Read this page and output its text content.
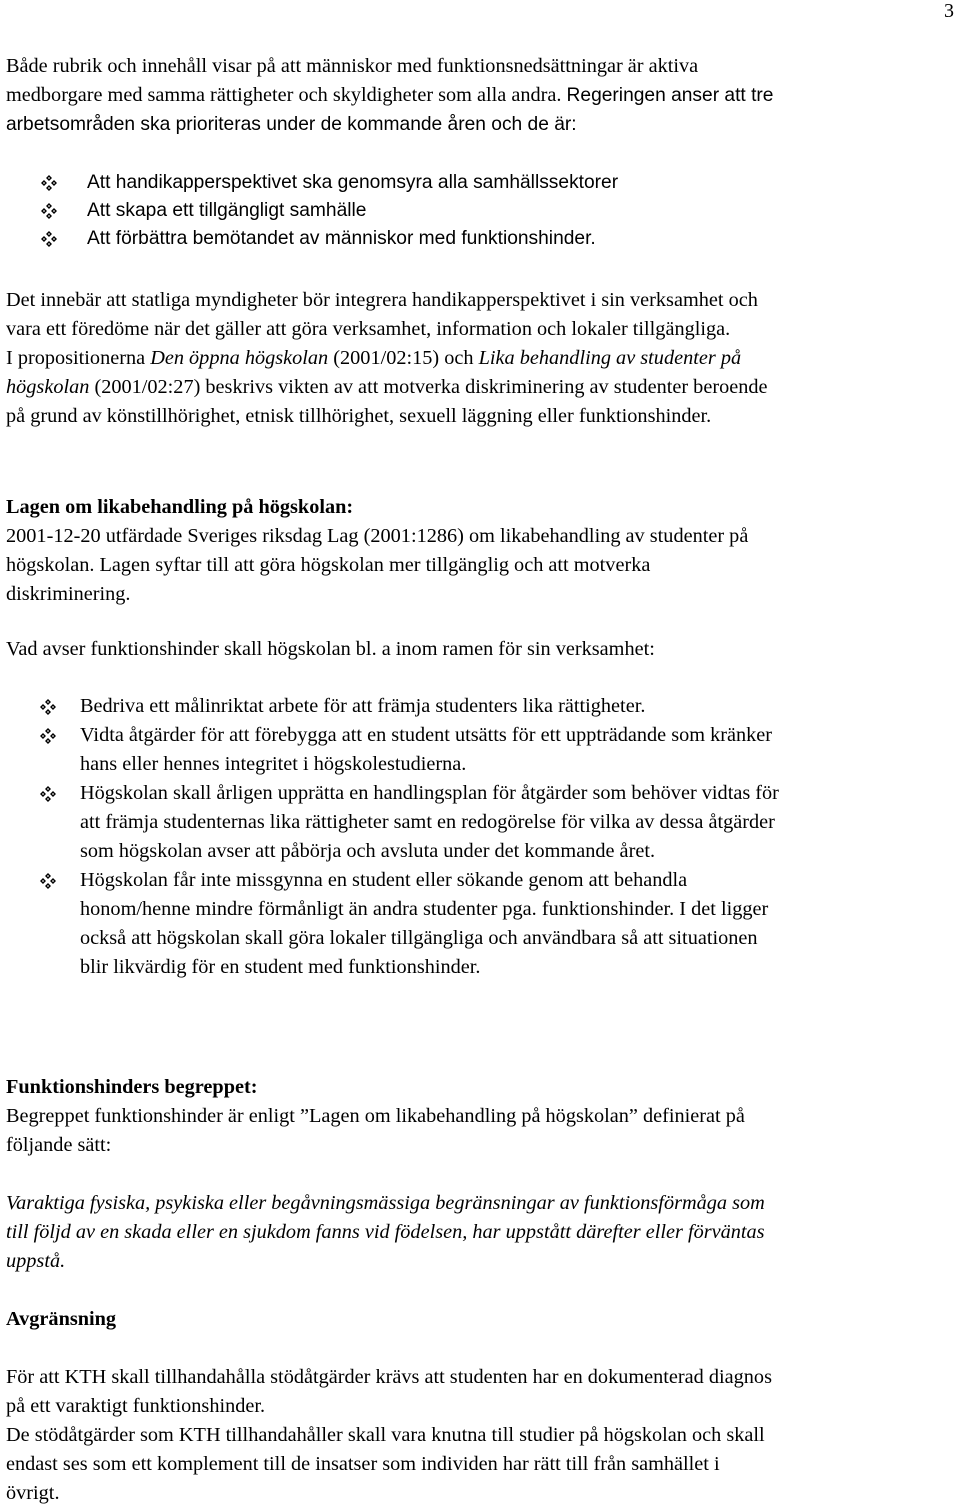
3

Både rubrik och innehåll visar på att människor med funktionsnedsättningar är aktiva
medborgare med samma rättigheter och skyldigheter som alla andra. Regeringen anser att tre
arbetsområden ska prioriteras under de kommande åren och de är:

Att handikapperspektivet ska genomsyra alla samhällssektorer
Att skapa ett tillgängligt samhälle
Att förbättra bemötandet av människor med funktionshinder.

Det innebär att statliga myndigheter bör integrera handikapperspektivet i sin verksamhet och
vara ett föredöme när det gäller att göra verksamhet, information och lokaler tillgängliga.
I propositionerna Den öppna högskolan (2001/02:15) och Lika behandling av studenter på
högskolan (2001/02:27) beskrivs vikten av att motverka diskriminering av studenter beroende
på grund av könstillhörighet, etnisk tillhörighet, sexuell läggning eller funktionshinder.

Lagen om likabehandling på högskolan:
2001-12-20 utfärdade Sveriges riksdag Lag (2001:1286) om likabehandling av studenter på
högskolan. Lagen syftar till att göra högskolan mer tillgänglig och att motverka
diskriminering.

Vad avser funktionshinder skall högskolan bl. a inom ramen för sin verksamhet:

Bedriva ett målinriktat arbete för att främja studenters lika rättigheter.
Vidta åtgärder för att förebygga att en student utsätts för ett uppträdande som kränker
hans eller hennes integritet i högskolestudierna.
Högskolan skall årligen upprätta en handlingsplan för åtgärder som behöver vidtas för
att främja studenternas lika rättigheter samt en redogörelse för vilka av dessa åtgärder
som högskolan avser att påbörja och avsluta under det kommande året.
Högskolan får inte missgynna en student eller sökande genom att behandla
honom/henne mindre förmånligt än andra studenter pga. funktionshinder. I det ligger
också att högskolan skall göra lokaler tillgängliga och användbara så att situationen
blir likvärdig för en student med funktionshinder.

Funktionshinders begreppet:
Begreppet funktionshinder är enligt ”Lagen om likabehandling på högskolan” definierat på
följande sätt:

Varaktiga fysiska, psykiska eller begåvningsmässiga begränsningar av funktionsförmåga som
till följd av en skada eller en sjukdom fanns vid födelsen, har uppstått därefter eller förväntas
uppstå.

Avgränsning

För att KTH skall tillhandahålla stödåtgärder krävs att studenten har en dokumenterad diagnos
på ett varaktigt funktionshinder.
De stödåtgärder som KTH tillhandahåller skall vara knutna till studier på högskolan och skall
endast ses som ett komplement till de insatser som individen har rätt till från samhället i
övrigt.
